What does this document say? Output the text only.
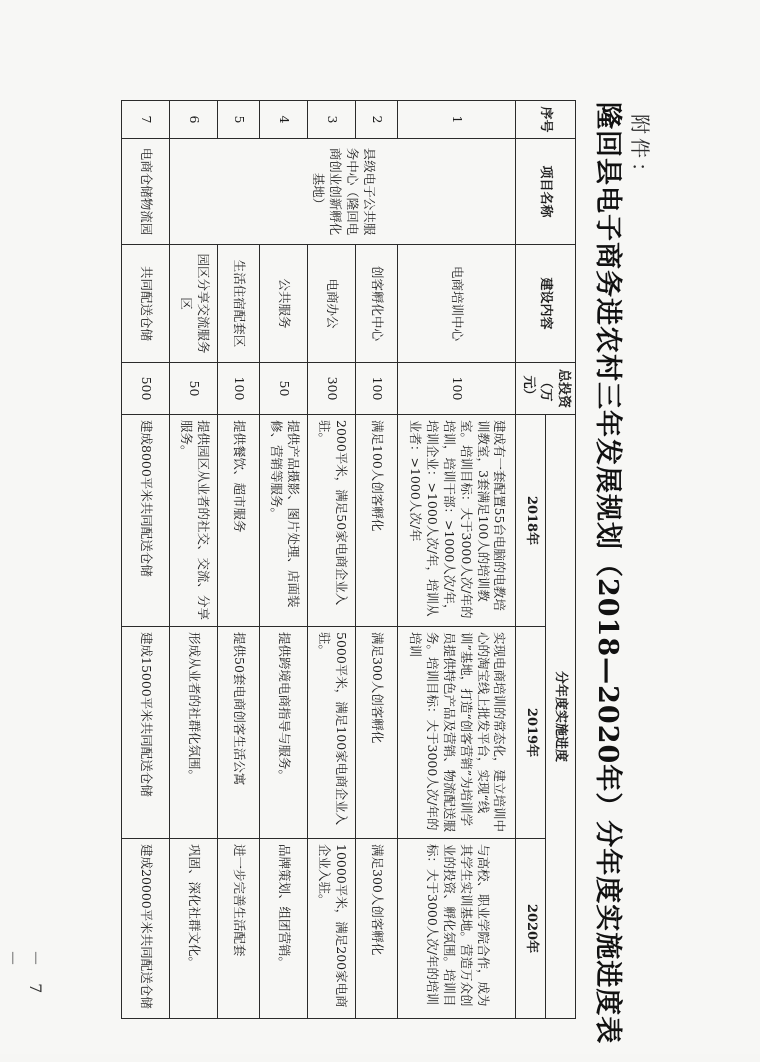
附件：
隆回县电子商务进农村三年发展规划（2018—2020年）分年度实施进度表
序号	项目名称	建设内容	总投资（万元）	分年度实施进度		
				2018年	2019年	2020年
1	县级电子公共服务中心（隆回电商创业创新孵化基地）	电商培训中心	100	建成有一套配置55台电脑的电教培训教室，3套满足100人的培训教室。培训目标：大于3000人次/年的培训，培训干部：>1000人次/年，培训企业：>1000人次/年，培训从业者：>1000人次/年	实现电商培训的常态化，建立培训中心的淘宝线上批发平台，实现“线训”基地，打造“创客营销”为培训学员提供特色产品及营销、物流配送服务。培训目标：大于3000人次/年的培训	与高校、职业学院合作，成为其学生实训基地。营造万众创业的投资、孵化氛围。培训目标：大于3000人次/年的培训
2		创客孵化中心	100	满足100人创客孵化	满足300人创客孵化	满足300人创客孵化
3		电商办公	300	2000平米，满足50家电商企业入驻。	5000平米，满足100家电商企业入驻。	10000平米，满足200家电商企业入驻。
4		公共服务	50	提供产品摄影、图片处理、店面装修、营销等服务。	提供跨境电商指导与服务。	品牌策划、组团营销。
5		生活住宿配套区	100	提供餐饮、超市服务	提供50套电商创客生活公寓	进一步完善生活配套
6		园区分享交流服务区	50	提供园区从业者的社交、交流、分享服务。	形成从业者的社群化氛围。	巩固、深化社群文化。
7	电商仓储物流园	共同配送仓储	500	建成8000平米共同配送仓储	建成15000平米共同配送仓储	建成20000平米共同配送仓储
－ 7 －
